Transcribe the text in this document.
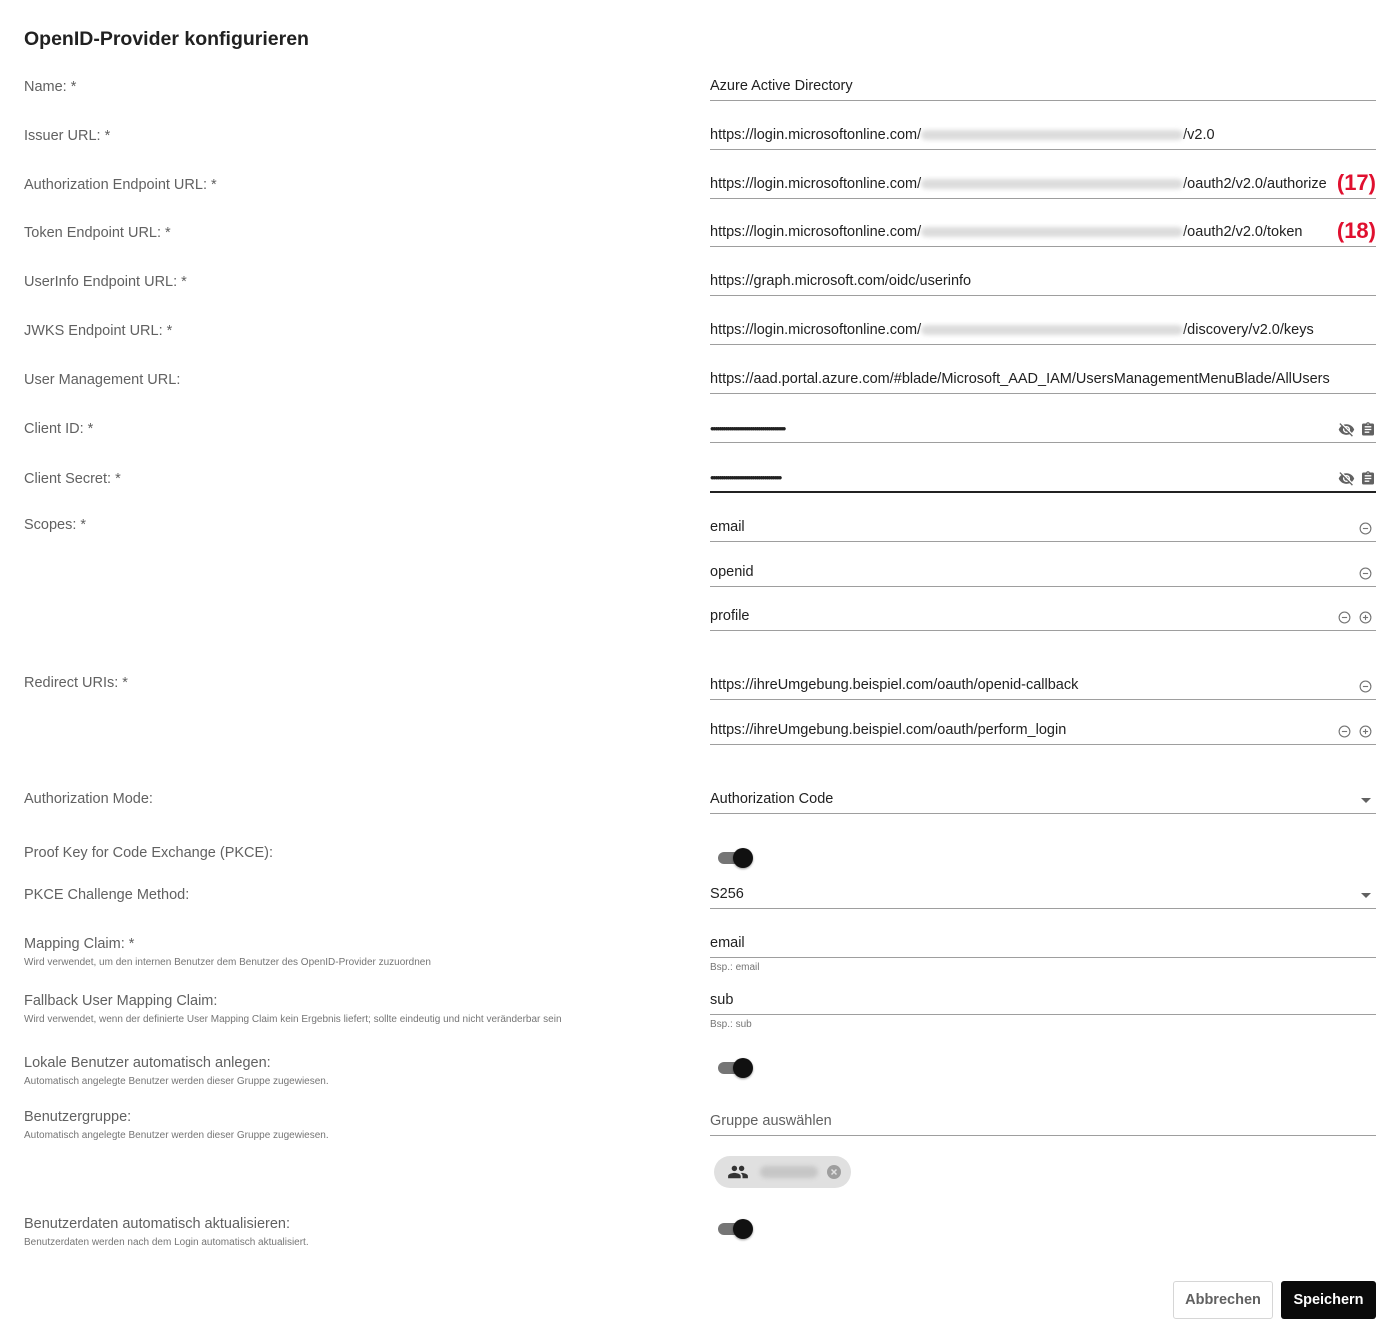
OpenID-Provider konfigurieren
Name: *	Azure Active Directory
Issuer URL: *	https://login.microsoftonline.com/	/v2.0
Authorization Endpoint URL: *	https://login.microsoftonline.com/	/oauth2/v2.0/authorize (17)
Token Endpoint URL: *	https://login.microsoftonline.com/	/oauth2/v2.0/token (18)
UserInfo Endpoint URL: *	https://graph.microsoft.com/oidc/userinfo
JWKS Endpoint URL: *	https://login.microsoftonline.com/	/discovery/v2.0/keys
User Management URL:	https://aad.portal.azure.com/#blade/Microsoft_AAD_IAM/UsersManagementMenuBlade/AllUsers
Client ID: *	••••••••••••••••••••••••••••••••••••
Client Secret: *	••••••••••••••••••••••••••••••••••
Scopes: *	email
openid
profile
Redirect URIs: *	https://ihreUmgebung.beispiel.com/oauth/openid-callback
https://ihreUmgebung.beispiel.com/oauth/perform_login
Authorization Mode:	Authorization Code
Proof Key for Code Exchange (PKCE):
PKCE Challenge Method:	S256
Mapping Claim: *
Wird verwendet, um den internen Benutzer dem Benutzer des OpenID-Provider zuzuordnen
email
Bsp.: email
Fallback User Mapping Claim:
Wird verwendet, wenn der definierte User Mapping Claim kein Ergebnis liefert; sollte eindeutig und nicht veränderbar sein
sub
Bsp.: sub
Lokale Benutzer automatisch anlegen:
Automatisch angelegte Benutzer werden dieser Gruppe zugewiesen.
Benutzergruppe:
Automatisch angelegte Benutzer werden dieser Gruppe zugewiesen.
Gruppe auswählen
Benutzerdaten automatisch aktualisieren:
Benutzerdaten werden nach dem Login automatisch aktualisiert.
Abbrechen	Speichern
